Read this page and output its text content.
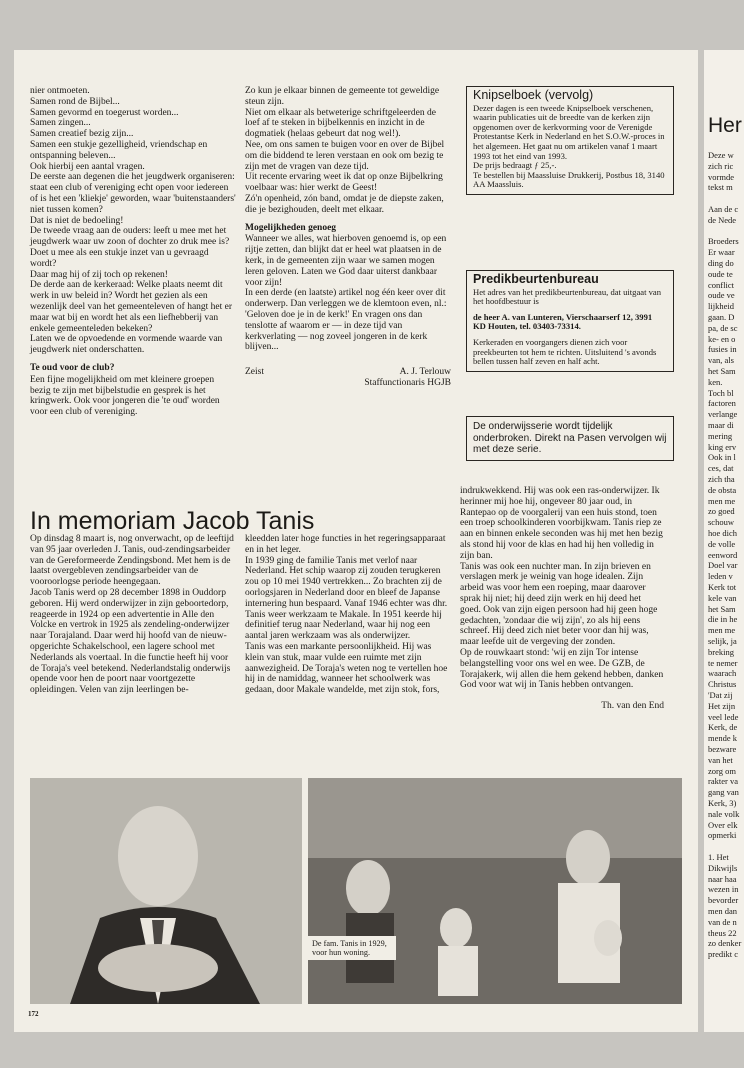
nier ontmoeten.

Samen rond de Bijbel...

Samen gevormd en toegerust worden...

Samen zingen...

Samen creatief bezig zijn...

Samen een stukje gezelligheid, vriendschap en ontspanning beleven...

Ook hierbij een aantal vragen.

De eerste aan degenen die het jeugdwerk organiseren: staat een club of vereniging echt open voor iedereen of is het een 'kliekje' geworden, waar 'buitenstaanders' niet tussen komen?

Dat is niet de bedoeling!

De tweede vraag aan de ouders: leeft u mee met het jeugdwerk waar uw zoon of dochter zo druk mee is? Doet u mee als een stukje inzet van u gevraagd wordt?

Daar mag hij of zij toch op rekenen!

De derde aan de kerkeraad: Welke plaats neemt dit werk in uw beleid in? Wordt het gezien als een wezenlijk deel van het gemeenteleven of hangt het er maar wat bij en wordt het als een liefhebberij van enkele gemeenteleden bekeken?

Laten we de opvoedende en vormende waarde van jeugdwerk niet onderschatten.

Te oud voor de club?

Een fijne mogelijkheid om met kleinere groepen bezig te zijn met bijbelstudie en gesprek is het kringwerk. Ook voor jongeren die 'te oud' worden voor een club of vereniging.

Zo kun je elkaar binnen de gemeente tot geweldige steun zijn.

Niet om elkaar als betweterige schriftgeleerden de loef af te steken in bijbelkennis en inzicht in de dogmatiek (helaas gebeurt dat nog wel!).

Nee, om ons samen te buigen voor en over de Bijbel om die biddend te leren verstaan en ook om bezig te zijn met de vragen van deze tijd.

Uit recente ervaring weet ik dat op onze Bijbelkring voelbaar was: hier werkt de Geest!

Zó'n openheid, zón band, omdat je de diepste zaken, die je bezighouden, deelt met elkaar.

Mogelijkheden genoeg

Wanneer we alles, wat hierboven genoemd is, op een rijtje zetten, dan blijkt dat er heel wat plaatsen in de kerk, in de gemeenten zijn waar we samen mogen leren geloven. Laten we God daar uiterst dankbaar voor zijn!

In een derde (en laatste) artikel nog één keer over dit onderwerp. Dan verleggen we de klemtoon even, nl.: 'Geloven doe je in de kerk!' En vragen ons dan tenslotte af waarom er — in deze tijd van kerkverlating — nog zoveel jongeren in de kerk blijven...

Zeist	A. J. Terlouw
Staffunctionaris HGJB
Knipselboek (vervolg)

Dezer dagen is een tweede Knipselboek verschenen, waarin publicaties uit de breedte van de kerken zijn opgenomen over de kerkvorming voor de Verenigde Protestantse Kerk in Nederland en het S.O.W.-proces in het algemeen. Het gaat nu om artikelen vanaf 1 maart 1993 tot het eind van 1993.

De prijs bedraagt ƒ 25,-.

Te bestellen bij Maassluise Drukkerij, Postbus 18, 3140 AA Maassluis.

Predikbeurtenbureau

Het adres van het predikbeurtenbureau, dat uitgaat van het hoofdbestuur is

de heer A. van Lunteren, Vierschaarserf 12, 3991 KD Houten, tel. 03403-73314.

Kerkeraden en voorgangers dienen zich voor preekbeurten tot hem te richten. Uitsluitend 's avonds bellen tussen half zeven en half acht.

De onderwijsserie wordt tijdelijk onderbroken. Direkt na Pasen vervolgen wij met deze serie.

In memoriam Jacob Tanis

Op dinsdag 8 maart is, nog onverwacht, op de leeftijd van 95 jaar overleden J. Tanis, oud-zendingsarbeider van de Gereformeerde Zendingsbond. Met hem is de laatst overgebleven zendingsarbeider van de vooroorlogse periode heengegaan.

Jacob Tanis werd op 28 december 1898 in Ouddorp geboren. Hij werd onderwijzer in zijn geboortedorp, reageerde in 1924 op een advertentie in Alle den Volcke en vertrok in 1925 als zendeling-onderwijzer naar Torajaland. Daar werd hij hoofd van de nieuw-opgerichte Schakelschool, een lagere school met Nederlands als voertaal. In die functie heeft hij voor de Toraja's veel betekend. Nederlandstalig onderwijs opende voor hen de poort naar voortgezette opleidingen. Velen van zijn leerlingen be-

kleedden later hoge functies in het regeringsapparaat en in het leger.

In 1939 ging de familie Tanis met verlof naar Nederland. Het schip waarop zij zouden terugkeren zou op 10 mei 1940 vertrekken... Zo brachten zij de oorlogsjaren in Nederland door en bleef de Japanse internering hun bespaard. Vanaf 1946 echter was dhr. Tanis weer werkzaam te Makale. In 1951 keerde hij definitief terug naar Nederland, waar hij nog een aantal jaren werkzaam was als onderwijzer.

Tanis was een markante persoonlijkheid. Hij was klein van stuk, maar vulde een ruimte met zijn aanwezigheid. De Toraja's weten nog te vertellen hoe hij in de namiddag, wanneer het schoolwerk was gedaan, door Makale wandelde, met zijn stok, fors,

indrukwekkend. Hij was ook een ras-onderwijzer. Ik herinner mij hoe hij, ongeveer 80 jaar oud, in Rantepao op de voorgalerij van een huis stond, toen een troep schoolkinderen voorbijkwam. Tanis riep ze aan en binnen enkele seconden was hij met hen bezig als stond hij voor de klas en had hij hen volledig in zijn ban.

Tanis was ook een nuchter man. In zijn brieven en verslagen merk je weinig van hoge idealen. Zijn arbeid was voor hem een roeping, maar daarover sprak hij niet; hij deed zijn werk en hij deed het goed. Ook van zijn eigen persoon had hij geen hoge gedachten, 'zondaar die wij zijn', zo als hij eens schreef. Hij deed zich niet beter voor dan hij was, maar leefde uit de vergeving der zonden.

Op de rouwkaart stond: 'wij en zijn Tor intense belangstelling voor ons wel en wee. De GZB, de Torajakerk, wij allen die hem gekend hebben, danken God voor wat wij in Tanis hebben ontvangen.

Th. van den End

De fam. Tanis in 1929, voor hun woning.
172
Her
Deze w
zich ric
vormde
tekst m
Aan de c
de Nede
Broeders
Er waar
ding do
oude te
conflict
oude ve
lijkheid
gaan. D
pa, de sc
ke- en o
fusies in
van, als
het Sam
ken.
Toch bl
factoren
verlange
maar di
mering
king erv
Ook in l
ces, dat
zich tha
de obsta
men me
zo goed
schouw
hoe dich
de volle
eenword
Doel var
leden v
Kerk tot
kele van
het Sam
die in he
men me
selijk, ja
breking
te nemer
waarach
Christus
'Dat zij
Het zijn
veel lede
Kerk, de
mende k
bezware
van het
zorg om
rakter va
gang van
Kerk, 3)
nale volk
Over elk
opmerki
1. Het
Dikwijls
naar haa
wezen in
bevorder
men dan
van de n
theus 22
zo denker
predikt c
